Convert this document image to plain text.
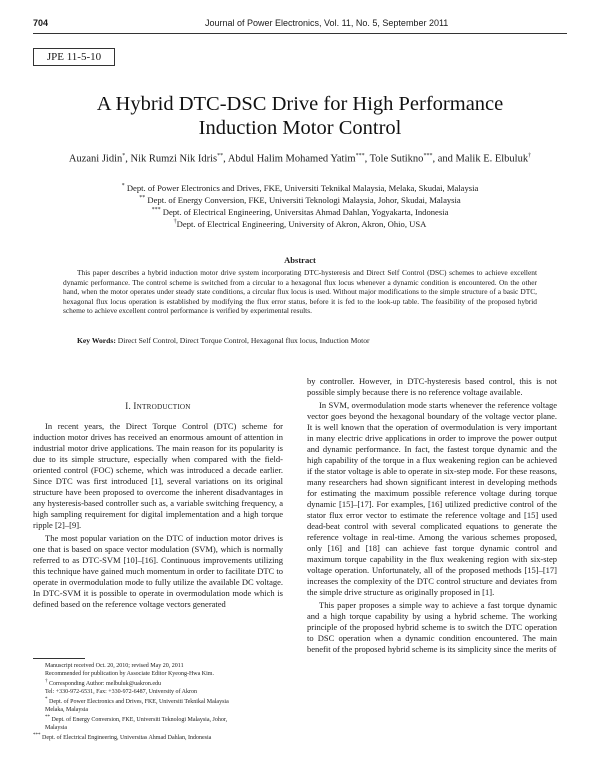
704	Journal of Power Electronics, Vol. 11, No. 5, September 2011
JPE 11-5-10
A Hybrid DTC-DSC Drive for High Performance
Induction Motor Control
Auzani Jidin*, Nik Rumzi Nik Idris**, Abdul Halim Mohamed Yatim***, Tole Sutikno***, and Malik E. Elbuluk†
* Dept. of Power Electronics and Drives, FKE, Universiti Teknikal Malaysia, Melaka, Skudai, Malaysia
** Dept. of Energy Conversion, FKE, Universiti Teknologi Malaysia, Johor, Skudai, Malaysia
*** Dept. of Electrical Engineering, Universitas Ahmad Dahlan, Yogyakarta, Indonesia
†Dept. of Electrical Engineering, University of Akron, Akron, Ohio, USA
Abstract
This paper describes a hybrid induction motor drive system incorporating DTC-hysteresis and Direct Self Control (DSC) schemes to achieve excellent dynamic performance. The control scheme is switched from a circular to a hexagonal flux locus whenever a dynamic condition is encountered. On the other hand, when the motor operates under steady state conditions, a circular flux locus is used. Without major modifications to the simple structure of a basic DTC, hexagonal flux locus operation is established by modifying the flux error status, before it is fed to the look-up table. The feasibility of the proposed hybrid scheme to achieve excellent control performance is verified by experimental results.
Key Words: Direct Self Control, Direct Torque Control, Hexagonal flux locus, Induction Motor
I. INTRODUCTION

In recent years, the Direct Torque Control (DTC) scheme for induction motor drives has received an enormous amount of attention in industrial motor drive applications. The main reason for its popularity is due to its simple structure, especially when compared with the field-oriented control (FOC) scheme, which was introduced a decade earlier. Since DTC was first introduced [1], several variations on its original structure have been proposed to overcome the inherent disadvantages in any hysteresis-based controller such as, a variable switching frequency, a high sampling requirement for digital implementation and a high torque ripple [2]–[9].

The most popular variation on the DTC of induction motor drives is one that is based on space vector modulation (SVM), which is normally referred to as DTC-SVM [10]–[16]. Continuous improvements utilizing this technique have gained much momentum in order to facilitate DTC to operate in overmodulation mode to fully utilize the available DC voltage. In DTC-SVM it is possible to operate in overmodulation mode which is defined based on the reference voltage vectors generated

by controller. However, in DTC-hysteresis based control, this is not possible simply because there is no reference voltage available.

In SVM, overmodulation mode starts whenever the reference voltage vector goes beyond the hexagonal boundary of the voltage vector plane. It is well known that the operation of overmodulation is very important in many electric drive applications in order to improve the power output and dynamic performance. In fact, the fastest torque dynamic and the high capability of the torque in a flux weakening region can be achieved if the stator voltage is able to operate in six-step mode. For these reasons, many researchers had shown significant interest in developing methods for estimating the maximum possible reference voltage during torque dynamic [15]–[17]. For examples, [16] utilized predictive control of the stator flux error vector to estimate the reference voltage and [15] used dead-beat control with several complicated equations to generate the reference voltage in real-time. Among the various schemes proposed, only [16] and [18] can achieve fast torque dynamic control and maximum torque capability in the flux weakening region with six-step voltage operation. Unfortunately, all of the proposed methods [15]–[17] increases the complexity of the DTC control structure and deviates from the simple drive structure as originally proposed in [1].

This paper proposes a simple way to achieve a fast torque dynamic and a high torque capability by using a hybrid scheme. The working principle of the proposed hybrid scheme is to switch the DTC operation to DSC operation when a dynamic condition encountered. The main benefit of the proposed hybrid scheme is its simplicity since the merits of

Manuscript received Oct. 20, 2010; revised May 20, 2011
Recommended for publication by Associate Editor Kyeong-Hwa Kim.
† Corresponding Author: melbuluk@uakron.edu
Tel: +330-972-6531, Fax: +330-972-6487, University of Akron
* Dept. of Power Electronics and Drives, FKE, Universiti Teknikal Malaysia
Melaka, Malaysia
** Dept. of Energy Conversion, FKE, Universiti Teknologi Malaysia, Johor,
Malaysia
*** Dept. of Electrical Engineering, Universitas Ahmad Dahlan, Indonesia
